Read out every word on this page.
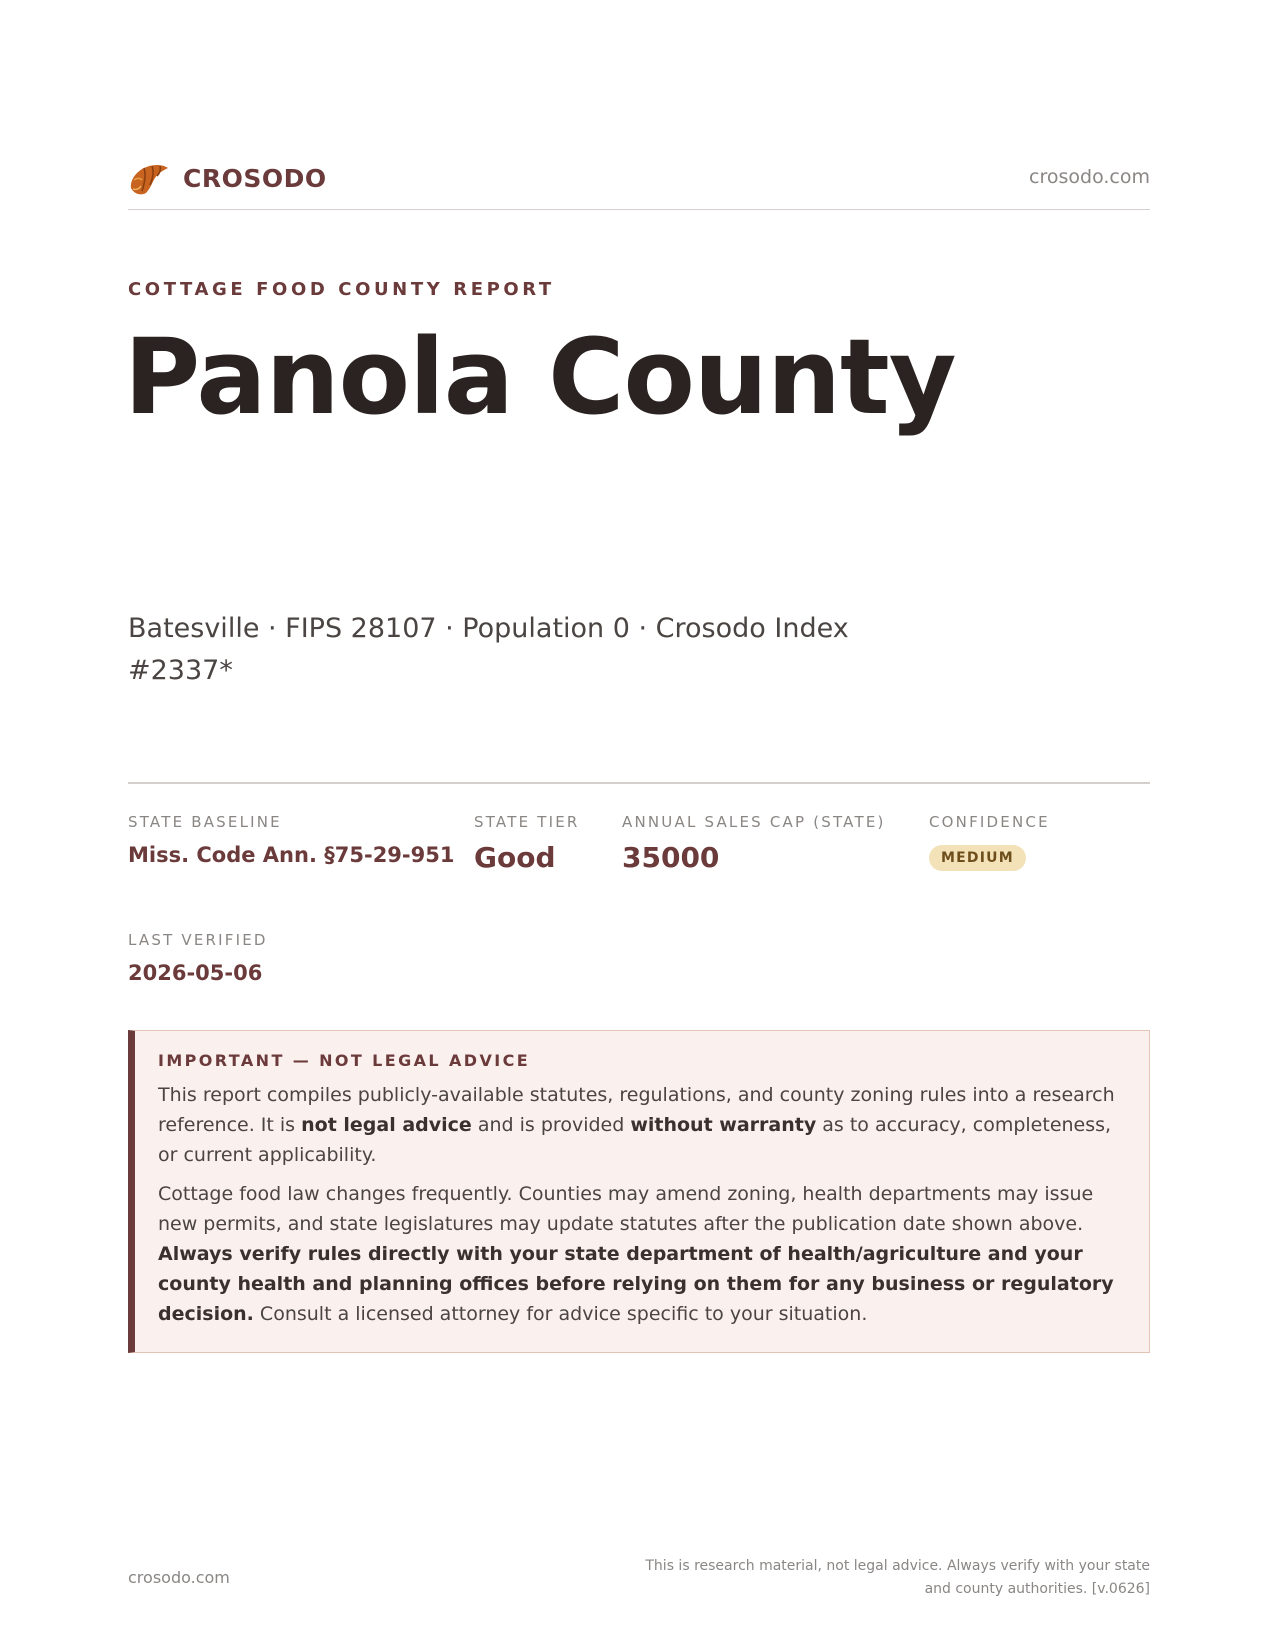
CROSODO	crosodo.com
COTTAGE FOOD COUNTY REPORT
Panola County
Batesville · FIPS 28107 · Population 0 · Crosodo Index #2337*
STATE BASELINE
Miss. Code Ann. §75-29-951
STATE TIER
Good
ANNUAL SALES CAP (STATE)
35000
CONFIDENCE
MEDIUM
LAST VERIFIED
2026-05-06
IMPORTANT — NOT LEGAL ADVICE

This report compiles publicly-available statutes, regulations, and county zoning rules into a research reference. It is not legal advice and is provided without warranty as to accuracy, completeness, or current applicability.

Cottage food law changes frequently. Counties may amend zoning, health departments may issue new permits, and state legislatures may update statutes after the publication date shown above. Always verify rules directly with your state department of health/agriculture and your county health and planning offices before relying on them for any business or regulatory decision. Consult a licensed attorney for advice specific to your situation.

crosodo.com
This is research material, not legal advice. Always verify with your state and county authorities. [v.0626]
